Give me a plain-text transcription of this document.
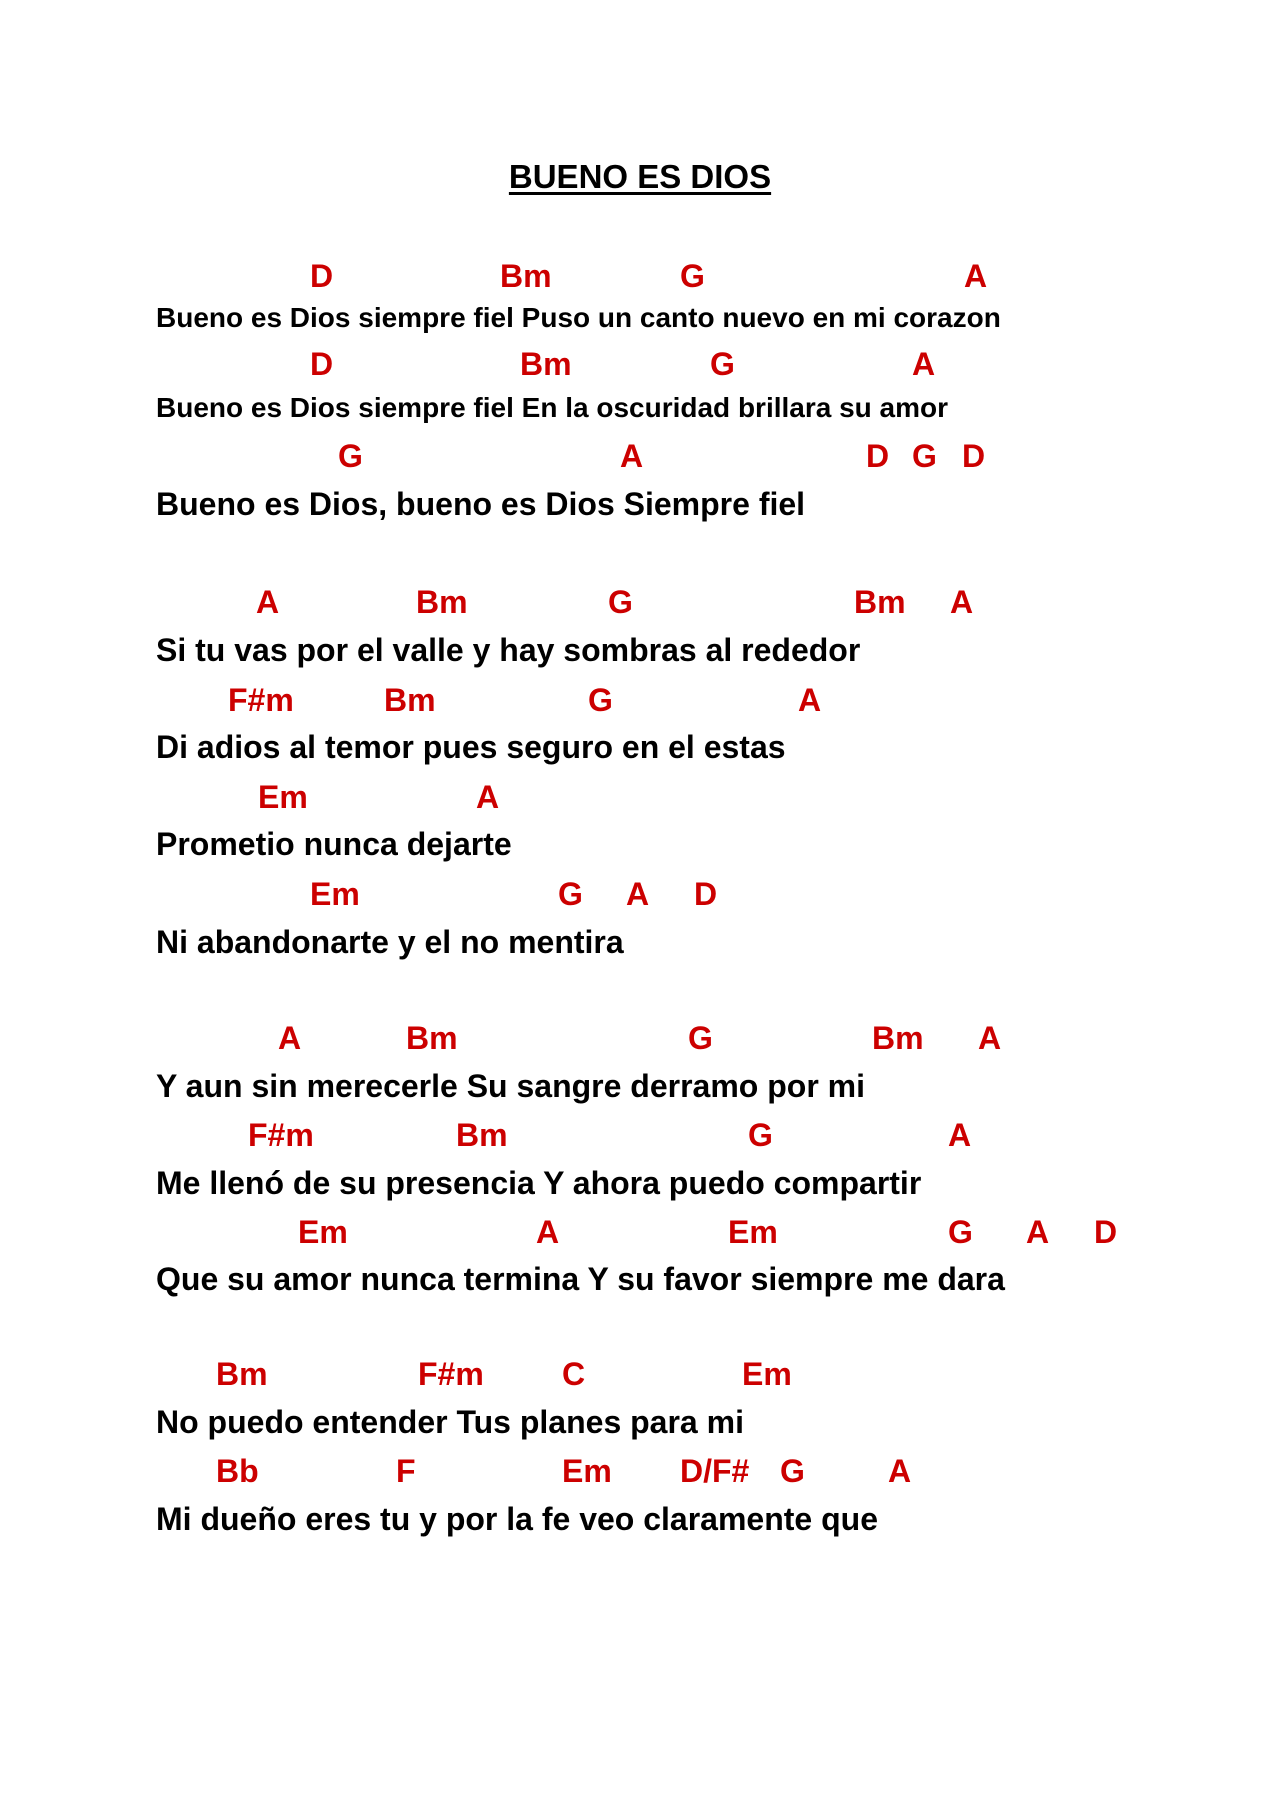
BUENO ES DIOS
D	Bm	G	A
Bueno es Dios siempre fiel Puso un canto nuevo en mi corazon
D	Bm	G	A
Bueno es Dios siempre fiel En la oscuridad brillara su amor
G	A	D G D
Bueno es Dios, bueno es Dios Siempre fiel
A	Bm	G	Bm A
Si tu vas por el valle y hay sombras al rededor
F#m	Bm	G	A
Di adios al temor pues seguro en el estas
Em	A
Prometio nunca dejarte
Em	G A D
Ni abandonarte y el no mentira
A	Bm	G	Bm A
Y aun sin merecerle Su sangre derramo por mi
F#m	Bm	G	A
Me llenó de su presencia Y ahora puedo compartir
Em	A	Em	G A D
Que su amor nunca termina Y su favor siempre me dara
Bm	F#m C	Em
No puedo entender Tus planes para mi
Bb	F	Em D/F# G	A
Mi dueño eres tu y por la fe veo claramente que
